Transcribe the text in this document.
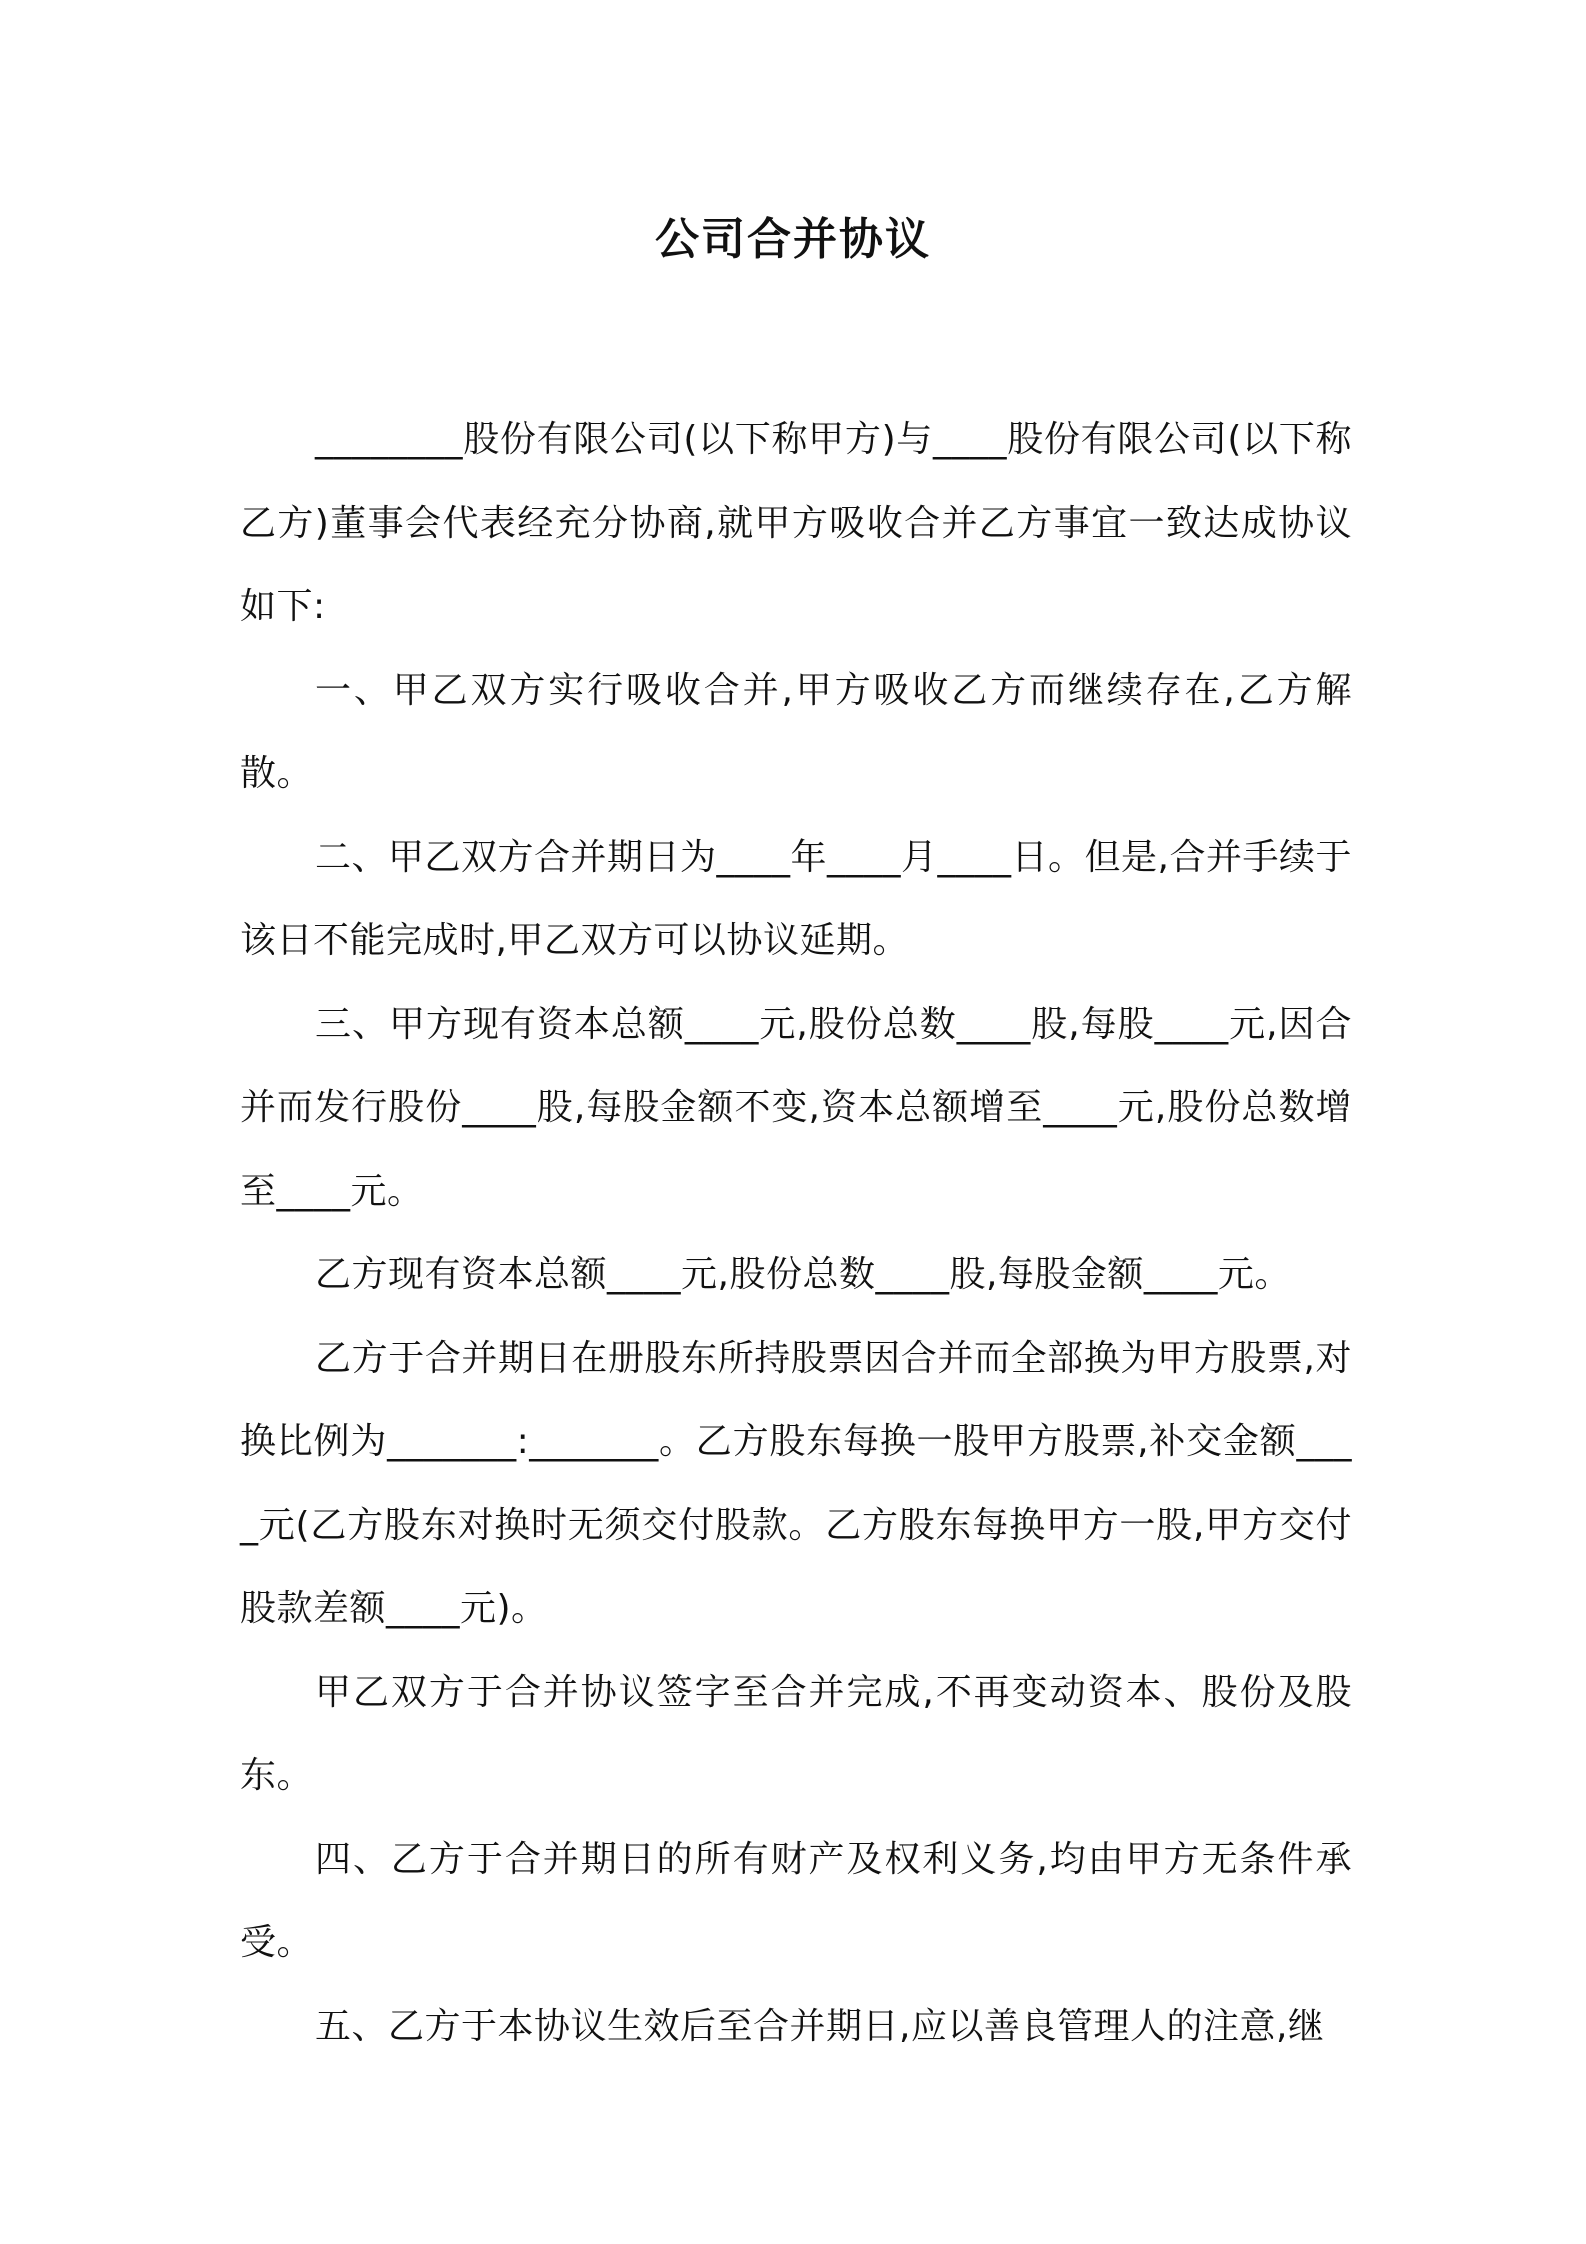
公司合并协议

________股份有限公司(以下称甲方)与____股份有限公司(以下称乙方)董事会代表经充分协商,就甲方吸收合并乙方事宜一致达成协议如下:

一、甲乙双方实行吸收合并,甲方吸收乙方而继续存在,乙方解散。

二、甲乙双方合并期日为____年____月____日。但是,合并手续于该日不能完成时,甲乙双方可以协议延期。

三、甲方现有资本总额____元,股份总数____股,每股____元,因合并而发行股份____股,每股金额不变,资本总额增至____元,股份总数增至____元。

乙方现有资本总额____元,股份总数____股,每股金额____元。

乙方于合并期日在册股东所持股票因合并而全部换为甲方股票,对换比例为_______:_______。乙方股东每换一股甲方股票,补交金额____元(乙方股东对换时无须交付股款。乙方股东每换甲方一股,甲方交付股款差额____元)。

甲乙双方于合并协议签字至合并完成,不再变动资本、股份及股东。

四、乙方于合并期日的所有财产及权利义务,均由甲方无条件承受。

五、乙方于本协议生效后至合并期日,应以善良管理人的注意,继
